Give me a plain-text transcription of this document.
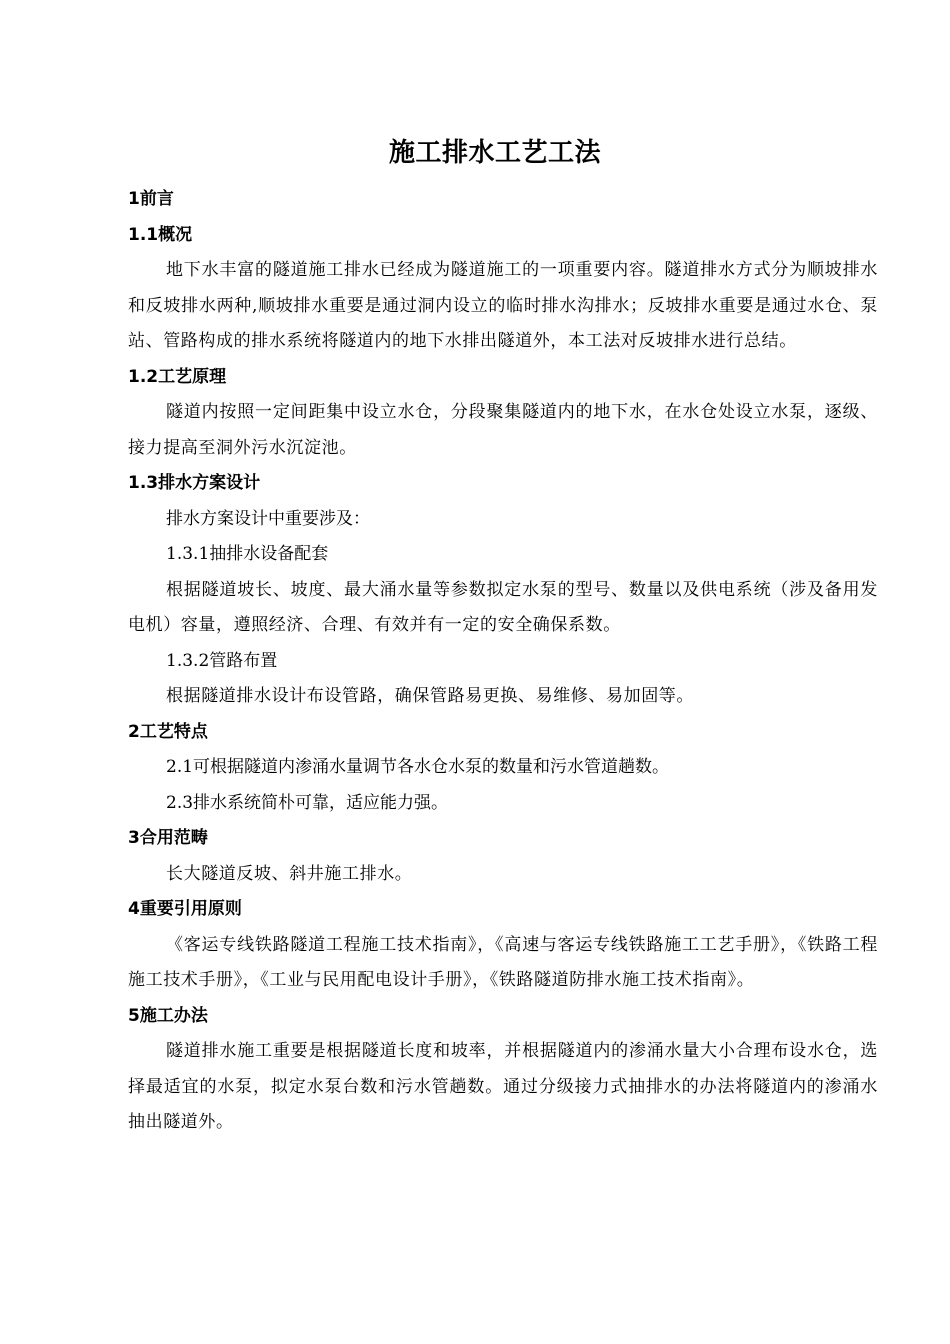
施工排水工艺工法
1前言
1.1概况
地下水丰富的隧道施工排水已经成为隧道施工的一项重要内容。隧道排水方式分为顺坡排水和反坡排水两种,顺坡排水重要是通过洞内设立的临时排水沟排水；反坡排水重要是通过水仓、泵站、管路构成的排水系统将隧道内的地下水排出隧道外，本工法对反坡排水进行总结。
1.2工艺原理
隧道内按照一定间距集中设立水仓，分段聚集隧道内的地下水，在水仓处设立水泵，逐级、接力提高至洞外污水沉淀池。
1.3排水方案设计
排水方案设计中重要涉及：
1.3.1抽排水设备配套
根据隧道坡长、坡度、最大涌水量等参数拟定水泵的型号、数量以及供电系统（涉及备用发电机）容量，遵照经济、合理、有效并有一定的安全确保系数。
1.3.2管路布置
根据隧道排水设计布设管路，确保管路易更换、易维修、易加固等。
2工艺特点
2.1可根据隧道内渗涌水量调节各水仓水泵的数量和污水管道趟数。
2.3排水系统简朴可靠，适应能力强。
3合用范畴
长大隧道反坡、斜井施工排水。
4重要引用原则
《客运专线铁路隧道工程施工技术指南》，《高速与客运专线铁路施工工艺手册》，《铁路工程施工技术手册》，《工业与民用配电设计手册》，《铁路隧道防排水施工技术指南》。
5施工办法
隧道排水施工重要是根据隧道长度和坡率，并根据隧道内的渗涌水量大小合理布设水仓，选择最适宜的水泵，拟定水泵台数和污水管趟数。通过分级接力式抽排水的办法将隧道内的渗涌水抽出隧道外。
